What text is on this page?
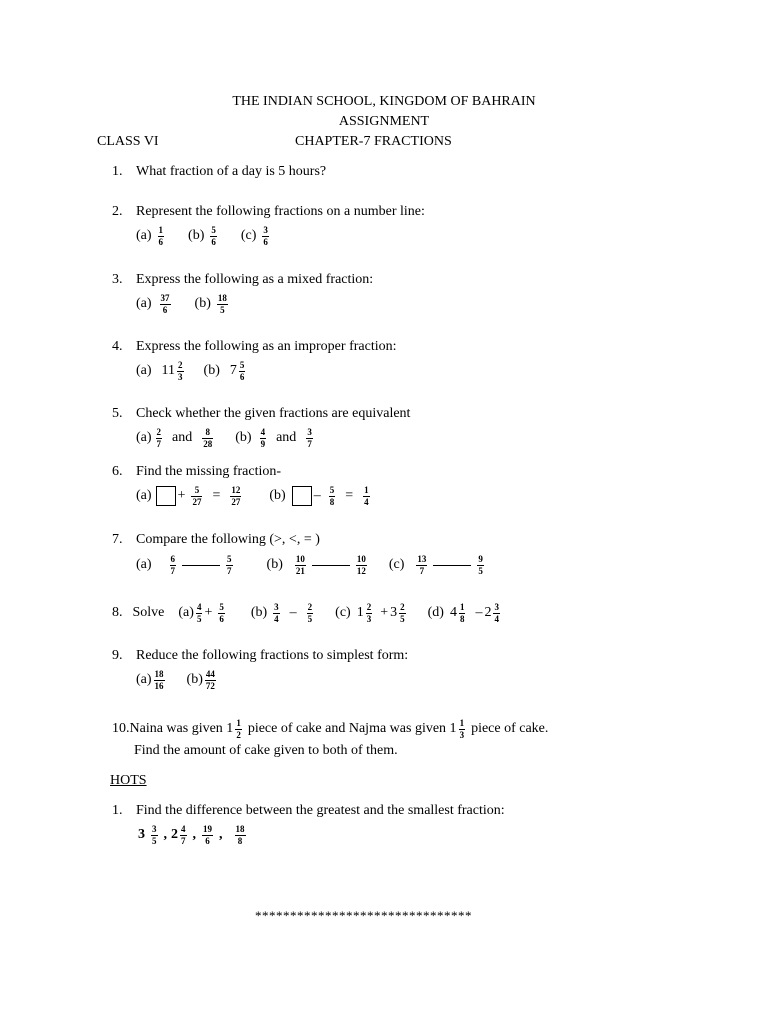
THE INDIAN SCHOOL, KINGDOM OF BAHRAIN
ASSIGNMENT
CLASS VI	CHAPTER-7 FRACTIONS
1. What fraction of a day is 5 hours?
2. Represent the following fractions on a number line:
$(a) \frac{1}{6} (b) \frac{5}{6} (c) \frac{3}{6}$
3. Express the following as a mixed fraction:
$(a) \frac{37}{6} (b) \frac{18}{5}$
4. Express the following as an improper fraction:
(a) $11 \frac{2}{3} (b)$ $7 \frac{5}{6}$
5. Check whether the given fractions are equivalent
$(a) \frac{2}{7}$ and $\frac{8}{28} (b) \frac{4}{9}$ and $\frac{3}{7}$
6. Find the missing fraction-
$(a) + \frac{5}{27} = \frac{12}{27} (b) - \frac{5}{8} = \frac{1}{4}$
7. Compare the following (>, <, = )
$(a) \frac{6}{7}$	$\frac{5}{7} (b) \frac{10}{21}$	$\frac{10}{12} (c) \frac{13}{7}$	$\frac{9}{5}$
8. Solve $(a) \frac{4}{5} + \frac{5}{6} (b) \frac{3}{4} - \frac{2}{5} (c)$ $1 \frac{2}{3} + 3 \frac{2}{5} (d)$ $4 \frac{1}{8} - 2 \frac{3}{4}$
9. Reduce the following fractions to simplest form:
$(a) \frac{18}{16} (b) \frac{44}{72}$
10. Naina was given $1 \frac{1}{2}$ piece of cake and Najma was given $1 \frac{1}{3}$ piece of cake.
Find the amount of cake given to both of them.
HOTS
1. Find the difference between the greatest and the smallest fraction:
$3 \frac{3}{5}$ , $2 \frac{4}{7}$ , $\frac{19}{6}$ , $\frac{18}{8}$
*******************************
